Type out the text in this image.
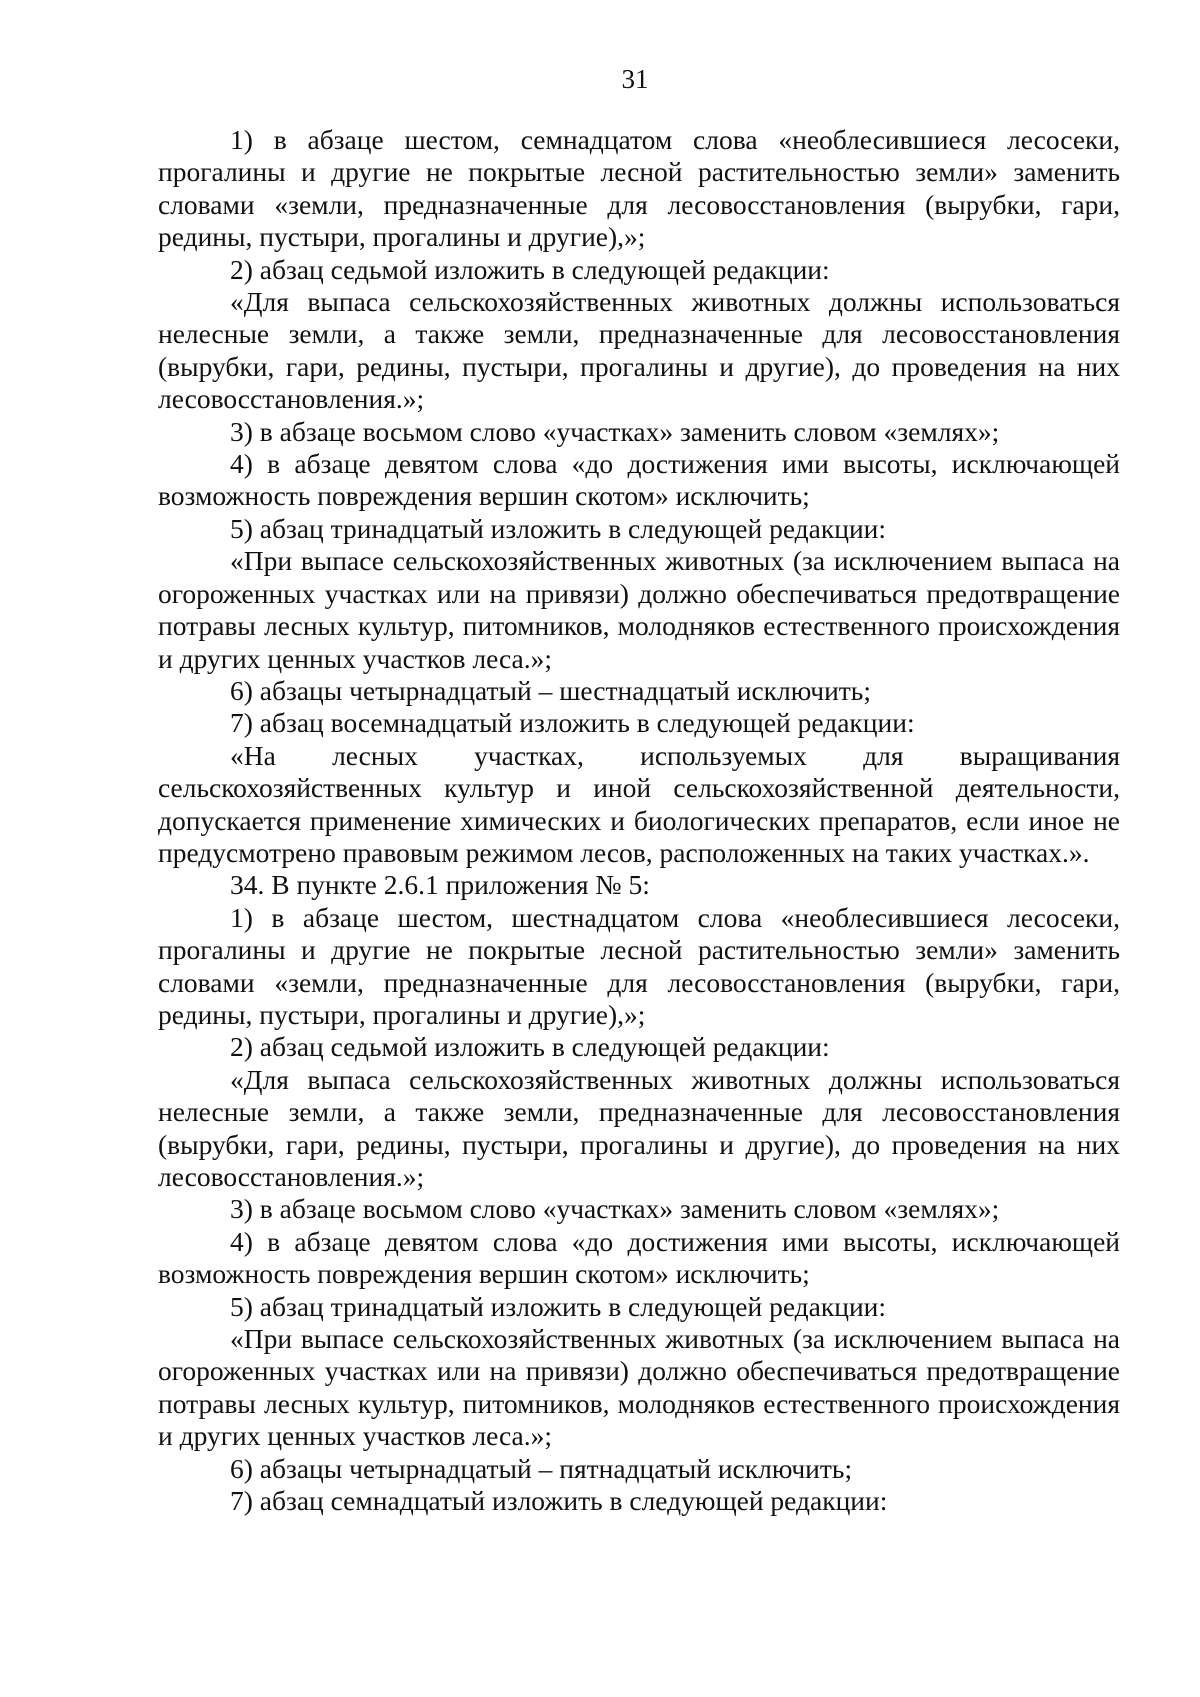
31

1) в абзаце шестом, семнадцатом слова «необлесившиеся лесосеки, прогалины и другие не покрытые лесной растительностью земли» заменить словами «земли, предназначенные для лесовосстановления (вырубки, гари, редины, пустыри, прогалины и другие),»;

2) абзац седьмой изложить в следующей редакции:

«Для выпаса сельскохозяйственных животных должны использоваться нелесные земли, а также земли, предназначенные для лесовосстановления (вырубки, гари, редины, пустыри, прогалины и другие), до проведения на них лесовосстановления.»;

3) в абзаце восьмом слово «участках» заменить словом «землях»;

4) в абзаце девятом слова «до достижения ими высоты, исключающей возможность повреждения вершин скотом» исключить;

5) абзац тринадцатый изложить в следующей редакции:

«При выпасе сельскохозяйственных животных (за исключением выпаса на огороженных участках или на привязи) должно обеспечиваться предотвращение потравы лесных культур, питомников, молодняков естественного происхождения и других ценных участков леса.»;

6) абзацы четырнадцатый – шестнадцатый исключить;

7) абзац восемнадцатый изложить в следующей редакции:

«На лесных участках, используемых для выращивания сельскохозяйственных культур и иной сельскохозяйственной деятельности, допускается применение химических и биологических препаратов, если иное не предусмотрено правовым режимом лесов, расположенных на таких участках.».

34. В пункте 2.6.1 приложения № 5:

1) в абзаце шестом, шестнадцатом слова «необлесившиеся лесосеки, прогалины и другие не покрытые лесной растительностью земли» заменить словами «земли, предназначенные для лесовосстановления (вырубки, гари, редины, пустыри, прогалины и другие),»;

2) абзац седьмой изложить в следующей редакции:

«Для выпаса сельскохозяйственных животных должны использоваться нелесные земли, а также земли, предназначенные для лесовосстановления (вырубки, гари, редины, пустыри, прогалины и другие), до проведения на них лесовосстановления.»;

3) в абзаце восьмом слово «участках» заменить словом «землях»;

4) в абзаце девятом слова «до достижения ими высоты, исключающей возможность повреждения вершин скотом» исключить;

5) абзац тринадцатый изложить в следующей редакции:

«При выпасе сельскохозяйственных животных (за исключением выпаса на огороженных участках или на привязи) должно обеспечиваться предотвращение потравы лесных культур, питомников, молодняков естественного происхождения и других ценных участков леса.»;

6) абзацы четырнадцатый – пятнадцатый исключить;

7) абзац семнадцатый изложить в следующей редакции:
